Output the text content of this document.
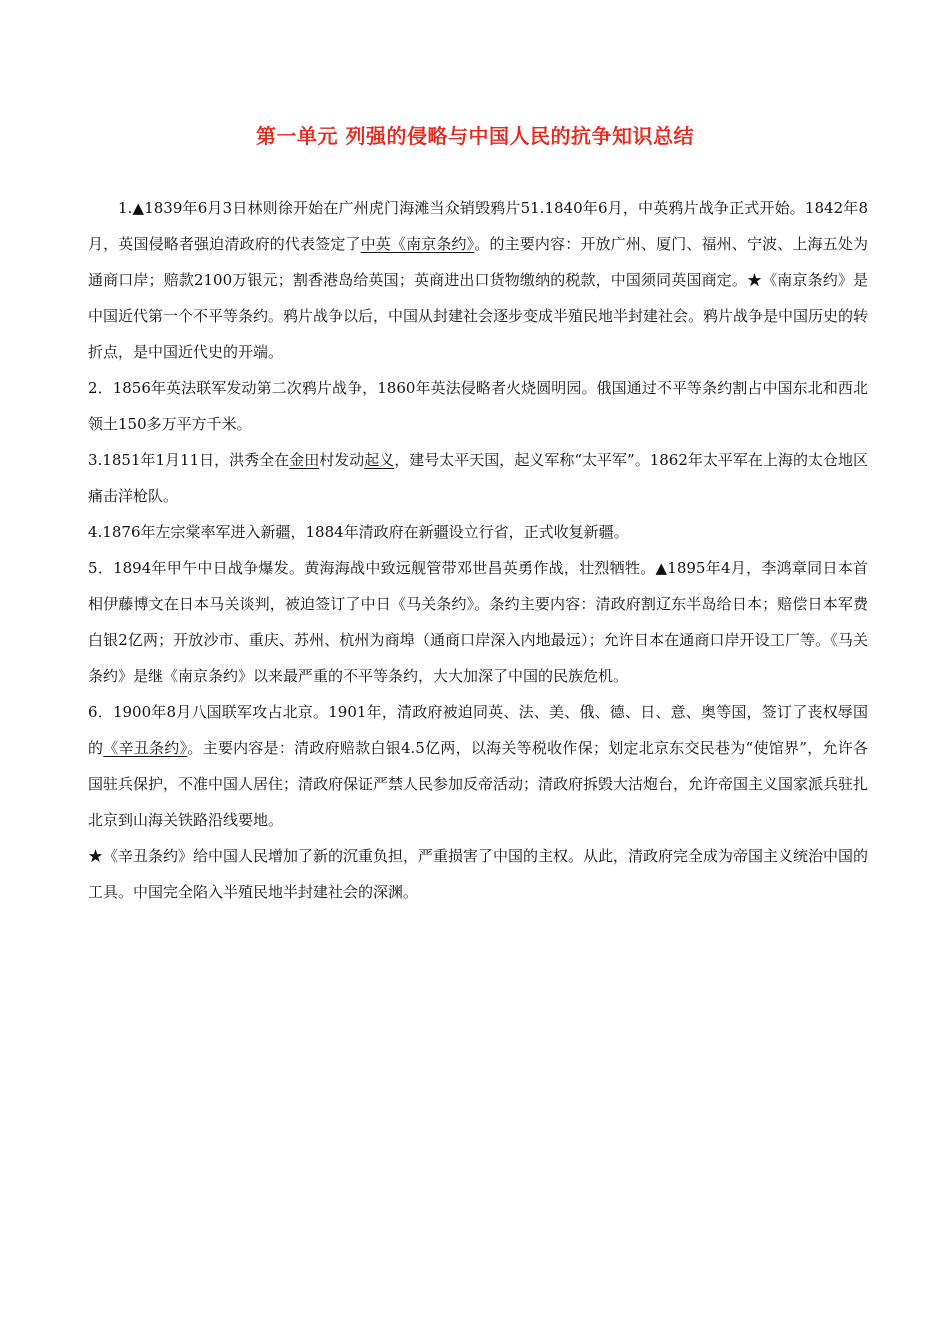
第一单元 列强的侵略与中国人民的抗争知识总结

1.▲1839年6月3日林则徐开始在广州虎门海滩当众销毁鸦片51.1840年6月，中英鸦片战争正式开始。1842年8月，英国侵略者强迫清政府的代表签定了中英《南京条约》。的主要内容：开放广州、厦门、福州、宁波、上海五处为通商口岸；赔款2100万银元；割香港岛给英国；英商进出口货物缴纳的税款，中国须同英国商定。★《南京条约》是中国近代第一个不平等条约。鸦片战争以后，中国从封建社会逐步变成半殖民地半封建社会。鸦片战争是中国历史的转折点，是中国近代史的开端。

2．1856年英法联军发动第二次鸦片战争，1860年英法侵略者火烧圆明园。俄国通过不平等条约割占中国东北和西北领土150多万平方千米。

3.1851年1月11日，洪秀全在金田村发动起义，建号太平天国，起义军称“太平军”。1862年太平军在上海的太仓地区痛击洋枪队。

4.1876年左宗棠率军进入新疆，1884年清政府在新疆设立行省，正式收复新疆。

5．1894年甲午中日战争爆发。黄海海战中致远舰管带邓世昌英勇作战，壮烈牺牲。▲1895年4月，李鸿章同日本首相伊藤博文在日本马关谈判，被迫签订了中日《马关条约》。条约主要内容：清政府割辽东半岛给日本；赔偿日本军费白银2亿两；开放沙市、重庆、苏州、杭州为商埠（通商口岸深入内地最远）；允许日本在通商口岸开设工厂等。《马关条约》是继《南京条约》以来最严重的不平等条约，大大加深了中国的民族危机。

6．1900年8月八国联军攻占北京。1901年，清政府被迫同英、法、美、俄、德、日、意、奥等国，签订了丧权辱国的《辛丑条约》。主要内容是：清政府赔款白银4.5亿两，以海关等税收作保；划定北京东交民巷为“使馆界”，允许各国驻兵保护，不准中国人居住；清政府保证严禁人民参加反帝活动；清政府拆毁大沽炮台，允许帝国主义国家派兵驻扎北京到山海关铁路沿线要地。

★《辛丑条约》给中国人民增加了新的沉重负担，严重损害了中国的主权。从此，清政府完全成为帝国主义统治中国的工具。中国完全陷入半殖民地半封建社会的深渊。
